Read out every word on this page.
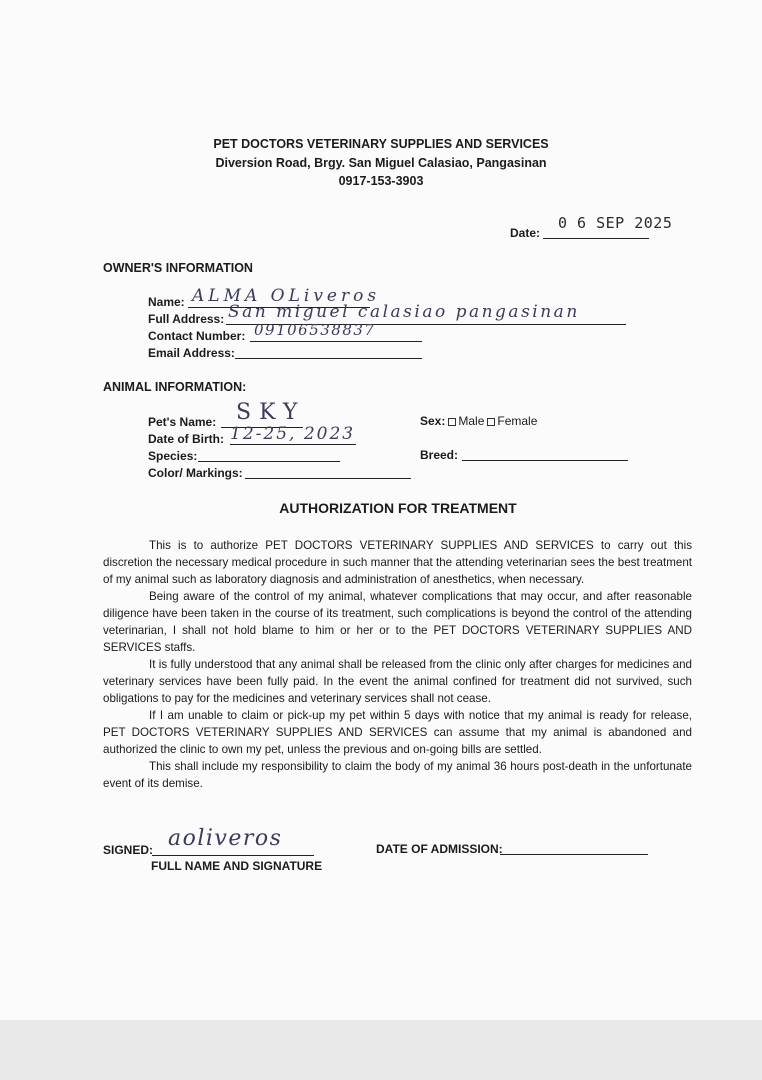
PET DOCTORS VETERINARY SUPPLIES AND SERVICES
Diversion Road, Brgy. San Miguel Calasiao, Pangasinan
0917-153-3903
Date:
0 6 SEP 2025
OWNER'S INFORMATION
Name: ALMA OLiveros
Full Address: San miguel calasiao pangasinan
Contact Number: 09106538837
Email Address:
ANIMAL INFORMATION:
Pet's Name: SKY
Date of Birth: 12-25, 2023
Species:
Color/ Markings:
Sex: Male Female
Breed:
AUTHORIZATION FOR TREATMENT

This is to authorize PET DOCTORS VETERINARY SUPPLIES AND SERVICES to carry out this discretion the necessary medical procedure in such manner that the attending veterinarian sees the best treatment of my animal such as laboratory diagnosis and administration of anesthetics, when necessary.

Being aware of the control of my animal, whatever complications that may occur, and after reasonable diligence have been taken in the course of its treatment, such complications is beyond the control of the attending veterinarian, I shall not hold blame to him or her or to the PET DOCTORS VETERINARY SUPPLIES AND SERVICES staffs.

It is fully understood that any animal shall be released from the clinic only after charges for medicines and veterinary services have been fully paid. In the event the animal confined for treatment did not survived, such obligations to pay for the medicines and veterinary services shall not cease.

If I am unable to claim or pick-up my pet within 5 days with notice that my animal is ready for release, PET DOCTORS VETERINARY SUPPLIES AND SERVICES can assume that my animal is abandoned and authorized the clinic to own my pet, unless the previous and on-going bills are settled.

This shall include my responsibility to claim the body of my animal 36 hours post-death in the unfortunate event of its demise.

SIGNED: aoliveros
FULL NAME AND SIGNATURE
DATE OF ADMISSION:
